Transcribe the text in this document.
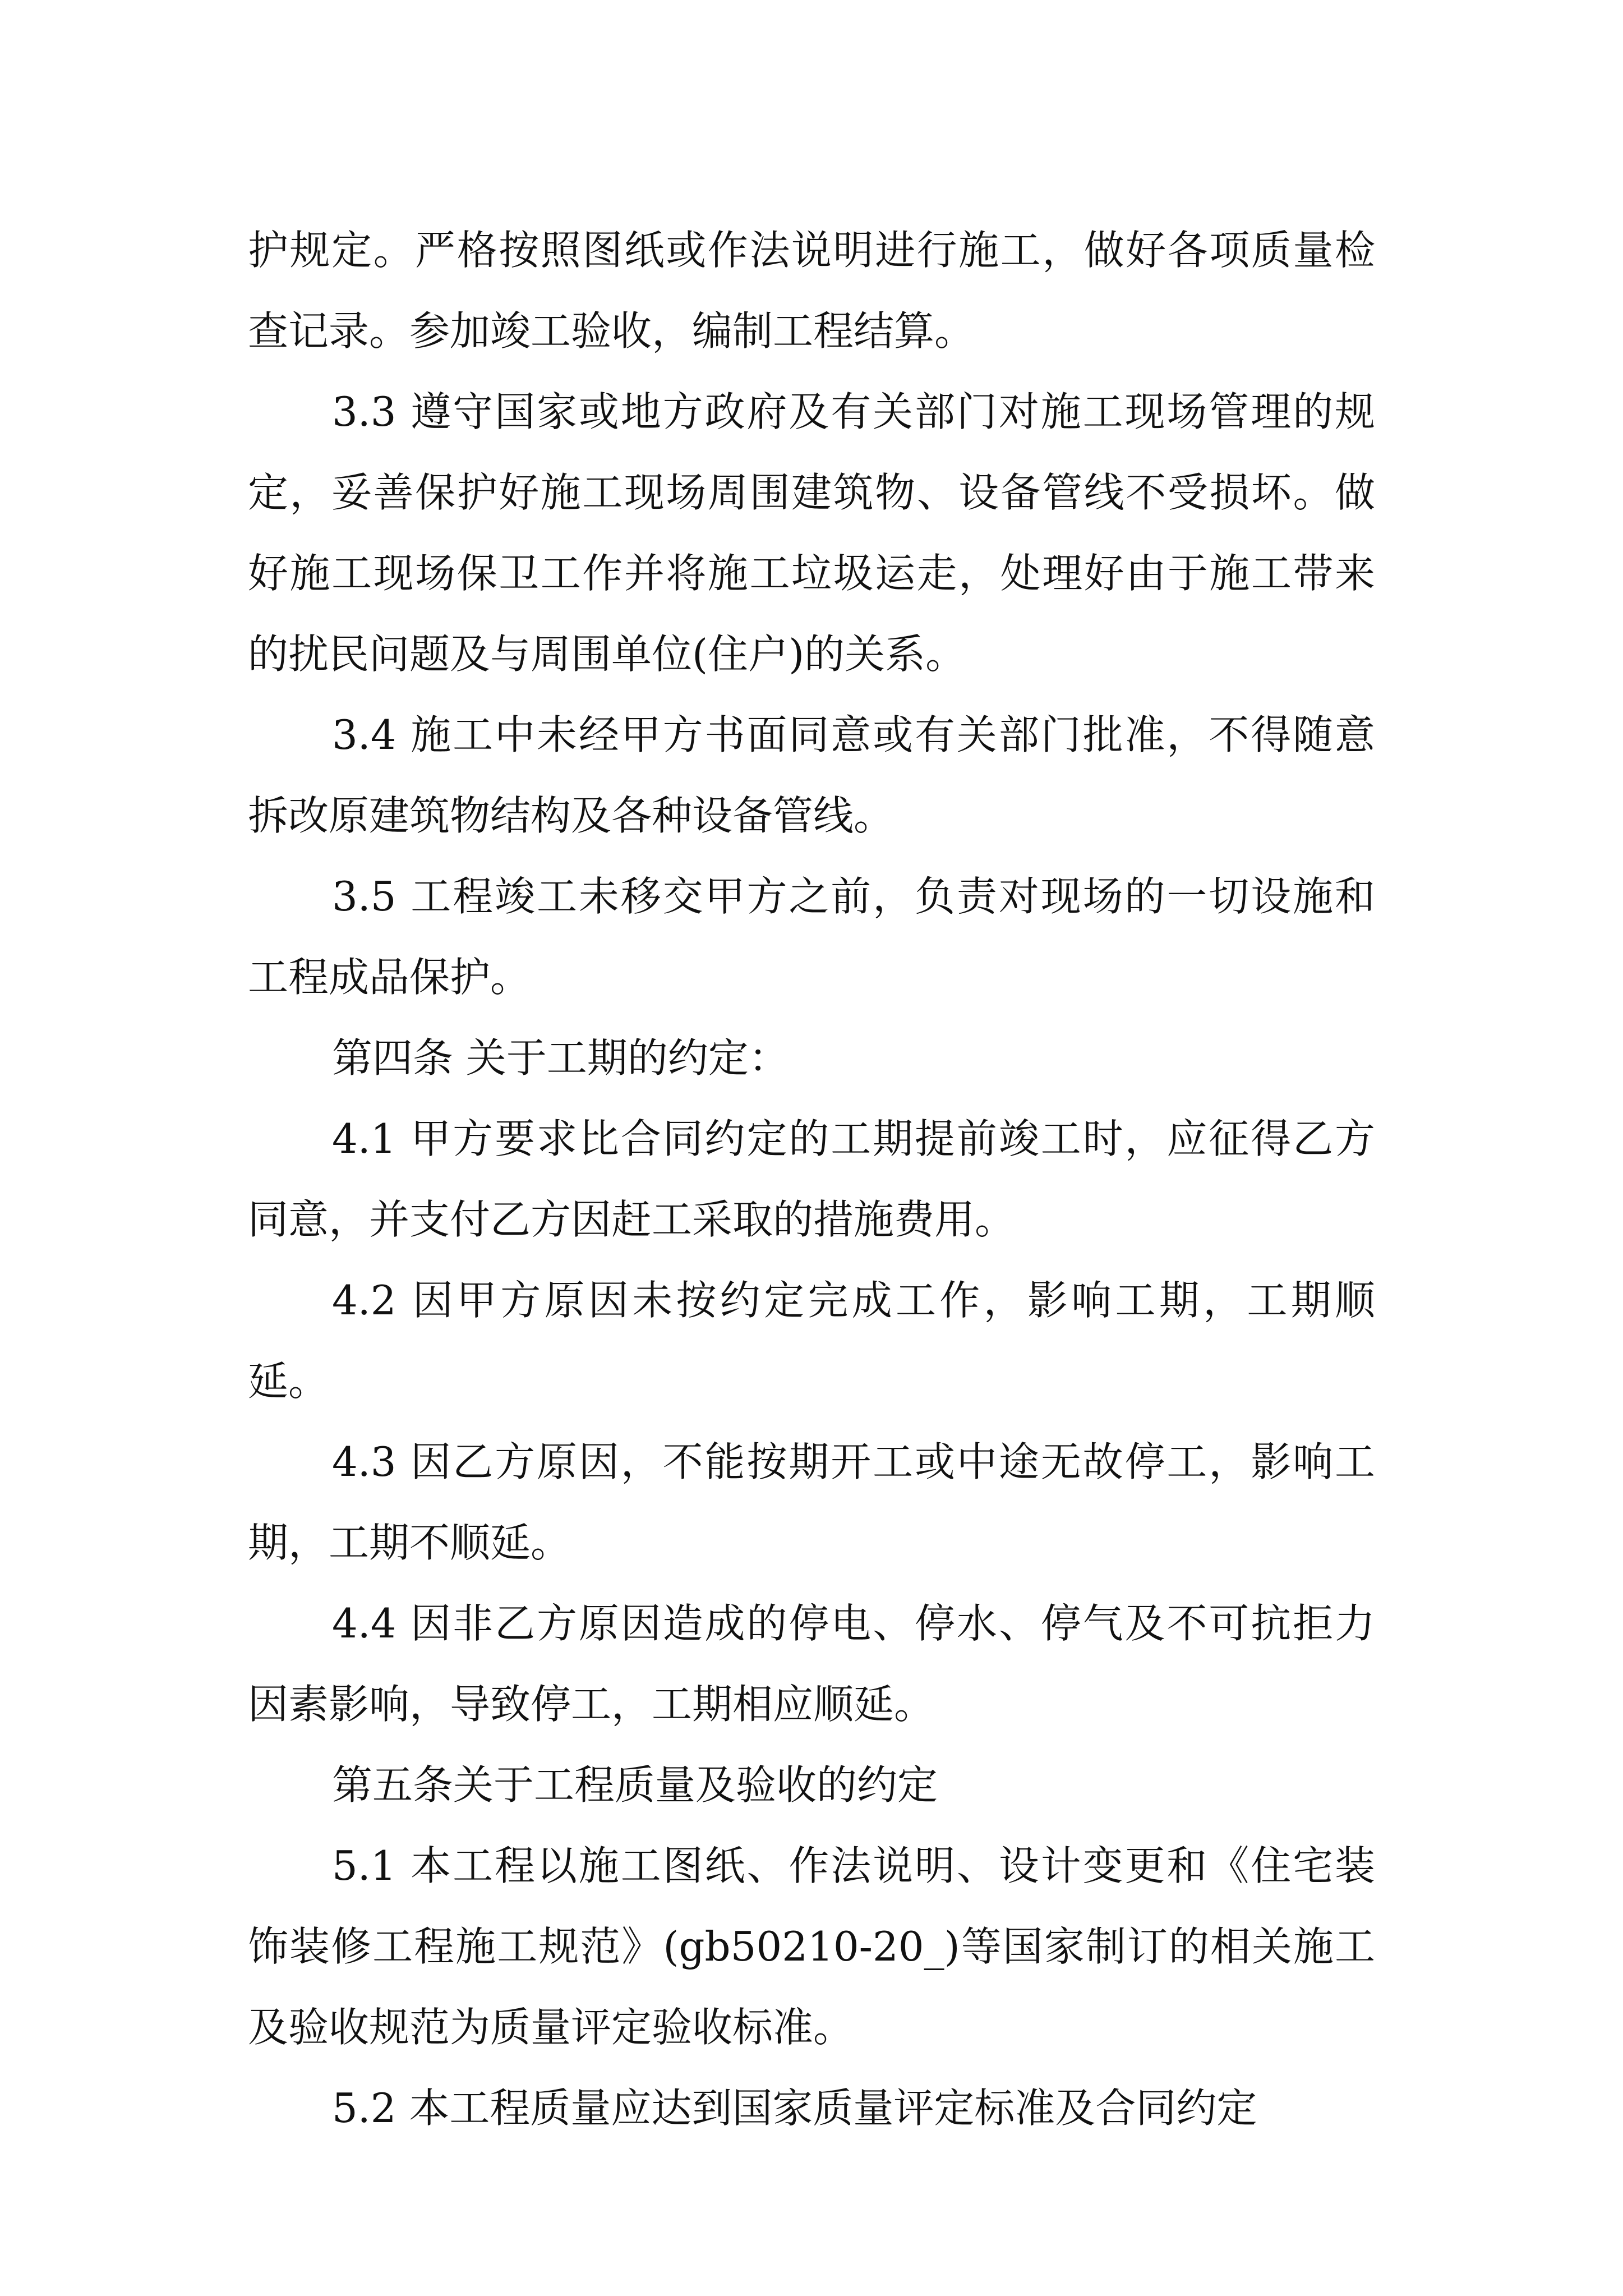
护规定。严格按照图纸或作法说明进行施工，做好各项质量检查记录。参加竣工验收，编制工程结算。

3.3 遵守国家或地方政府及有关部门对施工现场管理的规定，妥善保护好施工现场周围建筑物、设备管线不受损坏。做好施工现场保卫工作并将施工垃圾运走，处理好由于施工带来的扰民问题及与周围单位(住户)的关系。

3.4 施工中未经甲方书面同意或有关部门批准，不得随意拆改原建筑物结构及各种设备管线。

3.5 工程竣工未移交甲方之前，负责对现场的一切设施和工程成品保护。

第四条 关于工期的约定：

4.1 甲方要求比合同约定的工期提前竣工时，应征得乙方同意，并支付乙方因赶工采取的措施费用。

4.2 因甲方原因未按约定完成工作，影响工期，工期顺延。

4.3 因乙方原因，不能按期开工或中途无故停工，影响工期，工期不顺延。

4.4 因非乙方原因造成的停电、停水、停气及不可抗拒力因素影响，导致停工，工期相应顺延。

第五条关于工程质量及验收的约定

5.1 本工程以施工图纸、作法说明、设计变更和《住宅装饰装修工程施工规范》(gb50210-20_)等国家制订的相关施工及验收规范为质量评定验收标准。

5.2 本工程质量应达到国家质量评定标准及合同约定
